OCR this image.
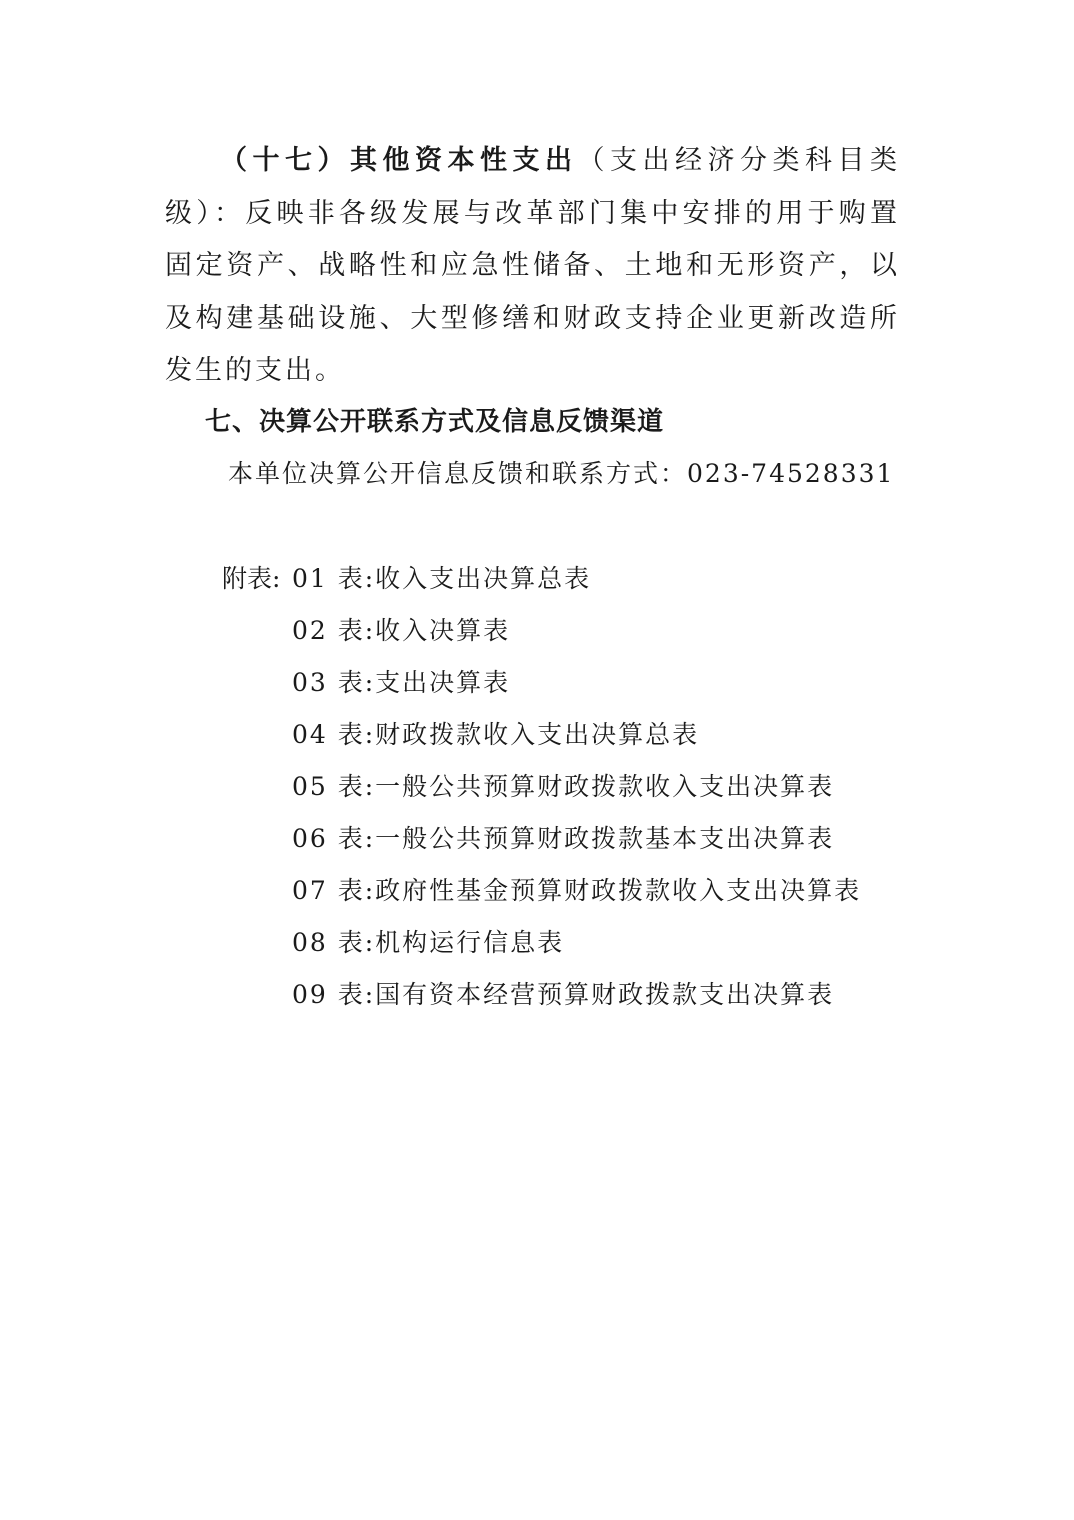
（十七）其他资本性支出（支出经济分类科目类级）：反映非各级发展与改革部门集中安排的用于购置固定资产、战略性和应急性储备、土地和无形资产，以及构建基础设施、大型修缮和财政支持企业更新改造所发生的支出。

七、决算公开联系方式及信息反馈渠道
本单位决算公开信息反馈和联系方式：023-74528331
附表: 01 表:收入支出决算总表
02 表:收入决算表
03 表:支出决算表
04 表:财政拨款收入支出决算总表
05 表:一般公共预算财政拨款收入支出决算表
06 表:一般公共预算财政拨款基本支出决算表
07 表:政府性基金预算财政拨款收入支出决算表
08 表:机构运行信息表
09 表:国有资本经营预算财政拨款支出决算表
